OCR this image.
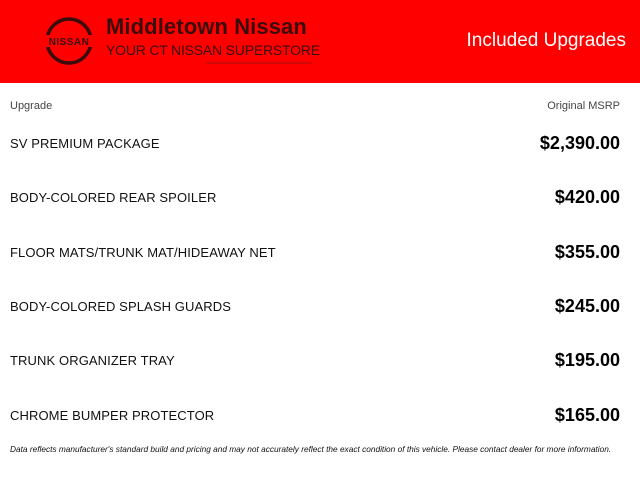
NISSAN
Middletown Nissan
YOUR CT NISSAN SUPERSTORE	Included Upgrades
Upgrade	Original MSRP
SV PREMIUM PACKAGE	$2,390.00
BODY-COLORED REAR SPOILER	$420.00
FLOOR MATS/TRUNK MAT/HIDEAWAY NET	$355.00
BODY-COLORED SPLASH GUARDS	$245.00
TRUNK ORGANIZER TRAY	$195.00
CHROME BUMPER PROTECTOR	$165.00
Data reflects manufacturer's standard build and pricing and may not accurately reflect the exact condition of this vehicle. Please contact dealer for more information.
